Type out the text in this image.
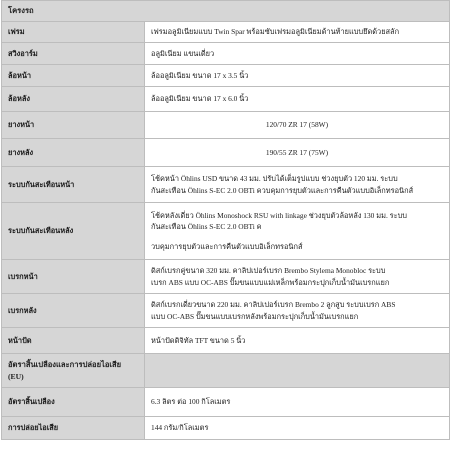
โครงรถ	
เฟรม	เฟรมอลูมิเนียมแบบ Twin Spar พร้อมซับเฟรมอลูมิเนียมด้านท้ายแบบยึดด้วยสลัก

สวิงอาร์ม	อลูมิเนียม แขนเดี่ยว

ล้อหน้า	ล้ออลูมิเนียม ขนาด 17 x 3.5 นิ้ว

ล้อหลัง	ล้ออลูมิเนียม ขนาด 17 x 6.0 นิ้ว

ยางหน้า	120/70 ZR 17 (58W)

ยางหลัง	190/55 ZR 17 (75W)

ระบบกันสะเทือนหน้า	โช้คหน้า Öhlins USD ขนาด 43 มม. ปรับได้เต็มรูปแบบ ช่วงยุบตัว 120 มม. ระบบ
กันสะเทือน Öhlins S-EC 2.0 OBTi ควบคุมการยุบตัวและการคืนตัวแบบอิเล็กทรอนิกส์

ระบบกันสะเทือนหลัง	โช้คหลังเดี่ยว Öhlins Monoshock RSU with linkage ช่วงยุบตัวล้อหลัง 130 มม. ระบบ
กันสะเทือน Öhlins S-EC 2.0 OBTi ค
วบคุมการยุบตัวและการคืนตัวแบบอิเล็กทรอนิกส์

เบรกหน้า	ดิสก์เบรกคู่ขนาด 320 มม. คาลิปเปอร์เบรก Brembo Stylema Monobloc ระบบ
เบรก ABS แบบ OC-ABS ปั๊มขนแบบแม่เหล็กพร้อมกระปุกเก็บน้ำมันเบรกแยก

เบรกหลัง	ดิสก์เบรกเดี่ยวขนาด 220 มม. คาลิปเปอร์เบรก Brembo 2 ลูกสูบ ระบบเบรก ABS
แบบ OC-ABS ปั๊มขนแบบเบรกหลังพร้อมกระปุกเก็บน้ำมันเบรกแยก

หน้าปัด	หน้าปัดดิจิทัล TFT ขนาด 5 นิ้ว

อัตราสิ้นเปลืองและการปล่อยไอเสีย (EU)	
อัตราสิ้นเปลือง	6.3 ลิตร ต่อ 100 กิโลเมตร

การปล่อยไอเสีย	144 กรัม/กิโลเมตร
